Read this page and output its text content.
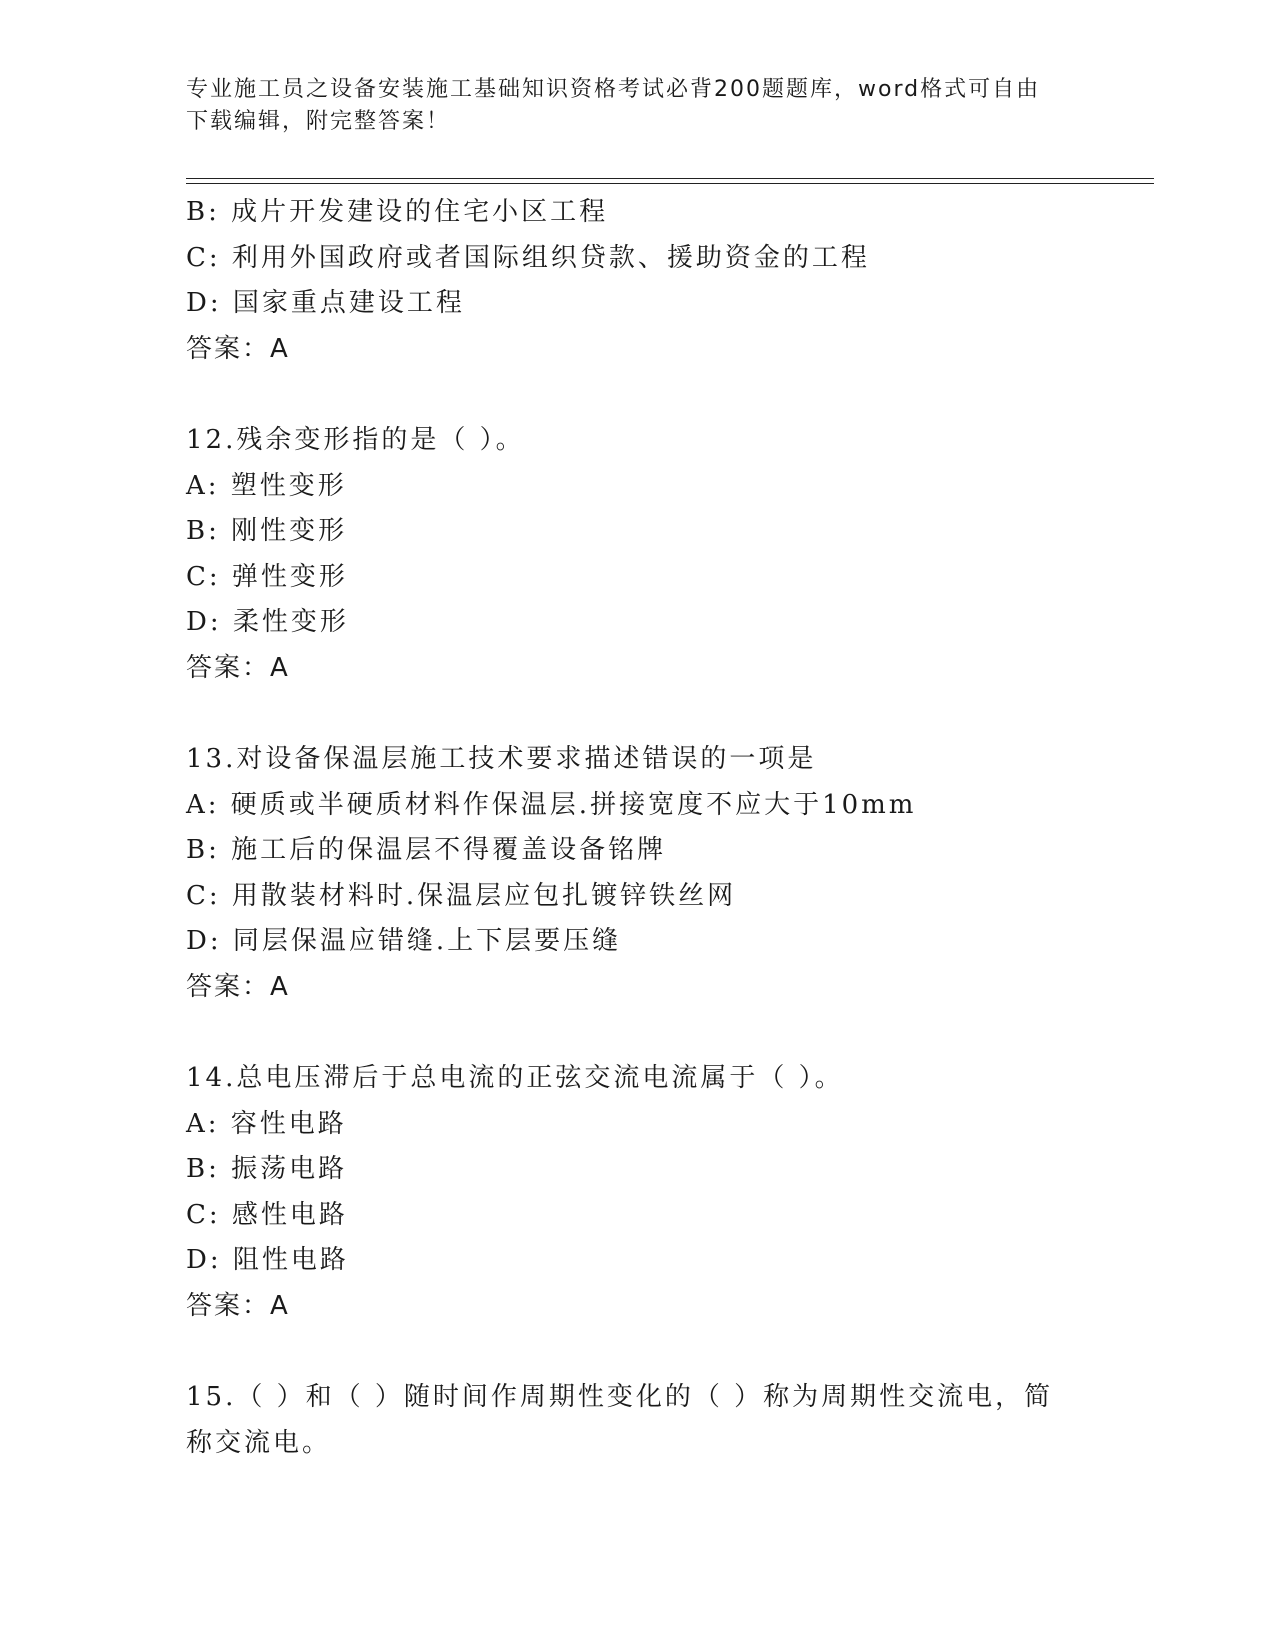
专业施工员之设备安装施工基础知识资格考试必背200题题库，word格式可自由
下载编辑，附完整答案！
B: 成片开发建设的住宅小区工程
C: 利用外国政府或者国际组织贷款、援助资金的工程
D: 国家重点建设工程
答案：A
12.残余变形指的是（ ）。
A: 塑性变形
B: 刚性变形
C: 弹性变形
D: 柔性变形
答案：A
13.对设备保温层施工技术要求描述错误的一项是
A: 硬质或半硬质材料作保温层.拼接宽度不应大于10mm
B: 施工后的保温层不得覆盖设备铭牌
C: 用散装材料时.保温层应包扎镀锌铁丝网
D: 同层保温应错缝.上下层要压缝
答案：A
14.总电压滞后于总电流的正弦交流电流属于（ ）。
A: 容性电路
B: 振荡电路
C: 感性电路
D: 阻性电路
答案：A
15.（ ）和（ ）随时间作周期性变化的（ ）称为周期性交流电，简
称交流电。
